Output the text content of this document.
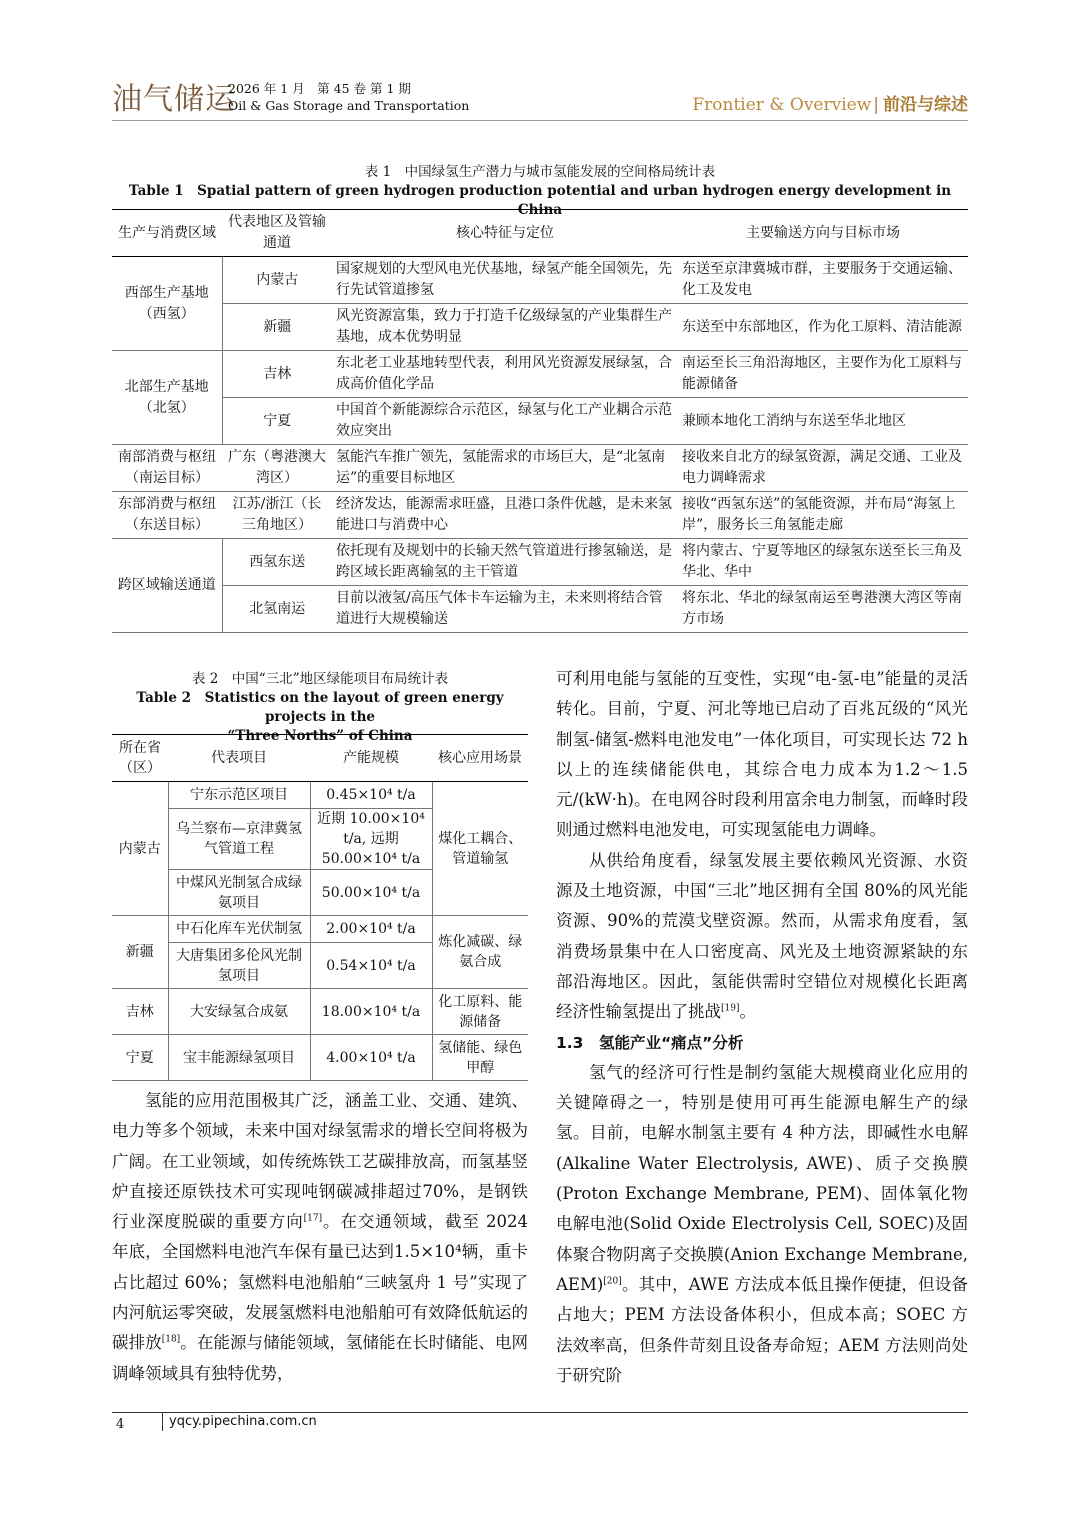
油气储运
2026 年 1 月　第 45 卷 第 1 期
Oil & Gas Storage and Transportation	Frontier & Overview | 前沿与综述
表 1　中国绿氢生产潜力与城市氢能发展的空间格局统计表
Table 1　Spatial pattern of green hydrogen production potential and urban hydrogen energy development in China
生产与消费区域	代表地区及管输通道	核心特征与定位	主要输送方向与目标市场
西部生产基地（西氢）	内蒙古	国家规划的大型风电光伏基地，绿氢产能全国领先，先行先试管道掺氢	东送至京津冀城市群，主要服务于交通运输、化工及发电
	新疆	风光资源富集，致力于打造千亿级绿氢的产业集群生产基地，成本优势明显	东送至中东部地区，作为化工原料、清洁能源
北部生产基地（北氢）	吉林	东北老工业基地转型代表，利用风光资源发展绿氢，合成高价值化学品	南运至长三角沿海地区，主要作为化工原料与能源储备
	宁夏	中国首个新能源综合示范区，绿氢与化工产业耦合示范效应突出	兼顾本地化工消纳与东送至华北地区
南部消费与枢纽（南运目标）	广东（粤港澳大湾区）	氢能汽车推广领先，氢能需求的市场巨大，是“北氢南运”的重要目标地区	接收来自北方的绿氢资源，满足交通、工业及电力调峰需求
东部消费与枢纽（东送目标）	江苏/浙江（长三角地区）	经济发达，能源需求旺盛，且港口条件优越，是未来氢能进口与消费中心	接收“西氢东送”的氢能资源，并布局“海氢上岸”，服务长三角氢能走廊
跨区域输送通道	西氢东送	依托现有及规划中的长输天然气管道进行掺氢输送，是跨区域长距离输氢的主干管道	将内蒙古、宁夏等地区的绿氢东送至长三角及华北、华中
	北氢南运	目前以液氢/高压气体卡车运输为主，未来则将结合管道进行大规模输送	将东北、华北的绿氢南运至粤港澳大湾区等南方市场
表 2　中国“三北”地区绿能项目布局统计表
Table 2　Statistics on the layout of green energy projects in the
“Three Norths” of China
所在省（区）	代表项目	产能规模	核心应用场景
内蒙古	宁东示范区项目	0.45×10⁴ t/a	煤化工耦合、管道输氢
	乌兰察布—京津冀氢气管道工程	近期 10.00×10⁴ t/a, 远期 50.00×10⁴ t/a	
	中煤风光制氢合成绿氨项目	50.00×10⁴ t/a	
新疆	中石化库车光伏制氢	2.00×10⁴ t/a	炼化减碳、绿氨合成
	大唐集团多伦风光制氢项目	0.54×10⁴ t/a	
吉林	大安绿氢合成氨	18.00×10⁴ t/a	化工原料、能源储备
宁夏	宝丰能源绿氢项目	4.00×10⁴ t/a	氢储能、绿色甲醇

氢能的应用范围极其广泛，涵盖工业、交通、建筑、电力等多个领域，未来中国对绿氢需求的增长空间将极为广阔。在工业领域，如传统炼铁工艺碳排放高，而氢基竖炉直接还原铁技术可实现吨钢碳减排超过70%，是钢铁行业深度脱碳的重要方向[17]。在交通领域，截至 2024 年底，全国燃料电池汽车保有量已达到1.5×10⁴辆，重卡占比超过 60%；氢燃料电池船舶“三峡氢舟 1 号”实现了内河航运零突破，发展氢燃料电池船舶可有效降低航运的碳排放[18]。在能源与储能领域，氢储能在长时储能、电网调峰领域具有独特优势，

可利用电能与氢能的互变性，实现“电-氢-电”能量的灵活转化。目前，宁夏、河北等地已启动了百兆瓦级的“风光制氢-储氢-燃料电池发电”一体化项目，可实现长达 72 h 以上的连续储能供电，其综合电力成本为1.2～1.5 元/(kW·h)。在电网谷时段利用富余电力制氢，而峰时段则通过燃料电池发电，可实现氢能电力调峰。

从供给角度看，绿氢发展主要依赖风光资源、水资源及土地资源，中国“三北”地区拥有全国 80%的风光能资源、90%的荒漠戈壁资源。然而，从需求角度看，氢消费场景集中在人口密度高、风光及土地资源紧缺的东部沿海地区。因此，氢能供需时空错位对规模化长距离经济性输氢提出了挑战[19]。

1.3　氢能产业“痛点”分析

氢气的经济可行性是制约氢能大规模商业化应用的关键障碍之一，特别是使用可再生能源电解生产的绿氢。目前，电解水制氢主要有 4 种方法，即碱性水电解(Alkaline Water Electrolysis, AWE)、质子交换膜(Proton Exchange Membrane, PEM)、固体氧化物电解电池(Solid Oxide Electrolysis Cell, SOEC)及固体聚合物阴离子交换膜(Anion Exchange Membrane, AEM)[20]。其中，AWE 方法成本低且操作便捷，但设备占地大；PEM 方法设备体积小，但成本高；SOEC 方法效率高，但条件苛刻且设备寿命短；AEM 方法则尚处于研究阶

4	yqcy.pipechina.com.cn
